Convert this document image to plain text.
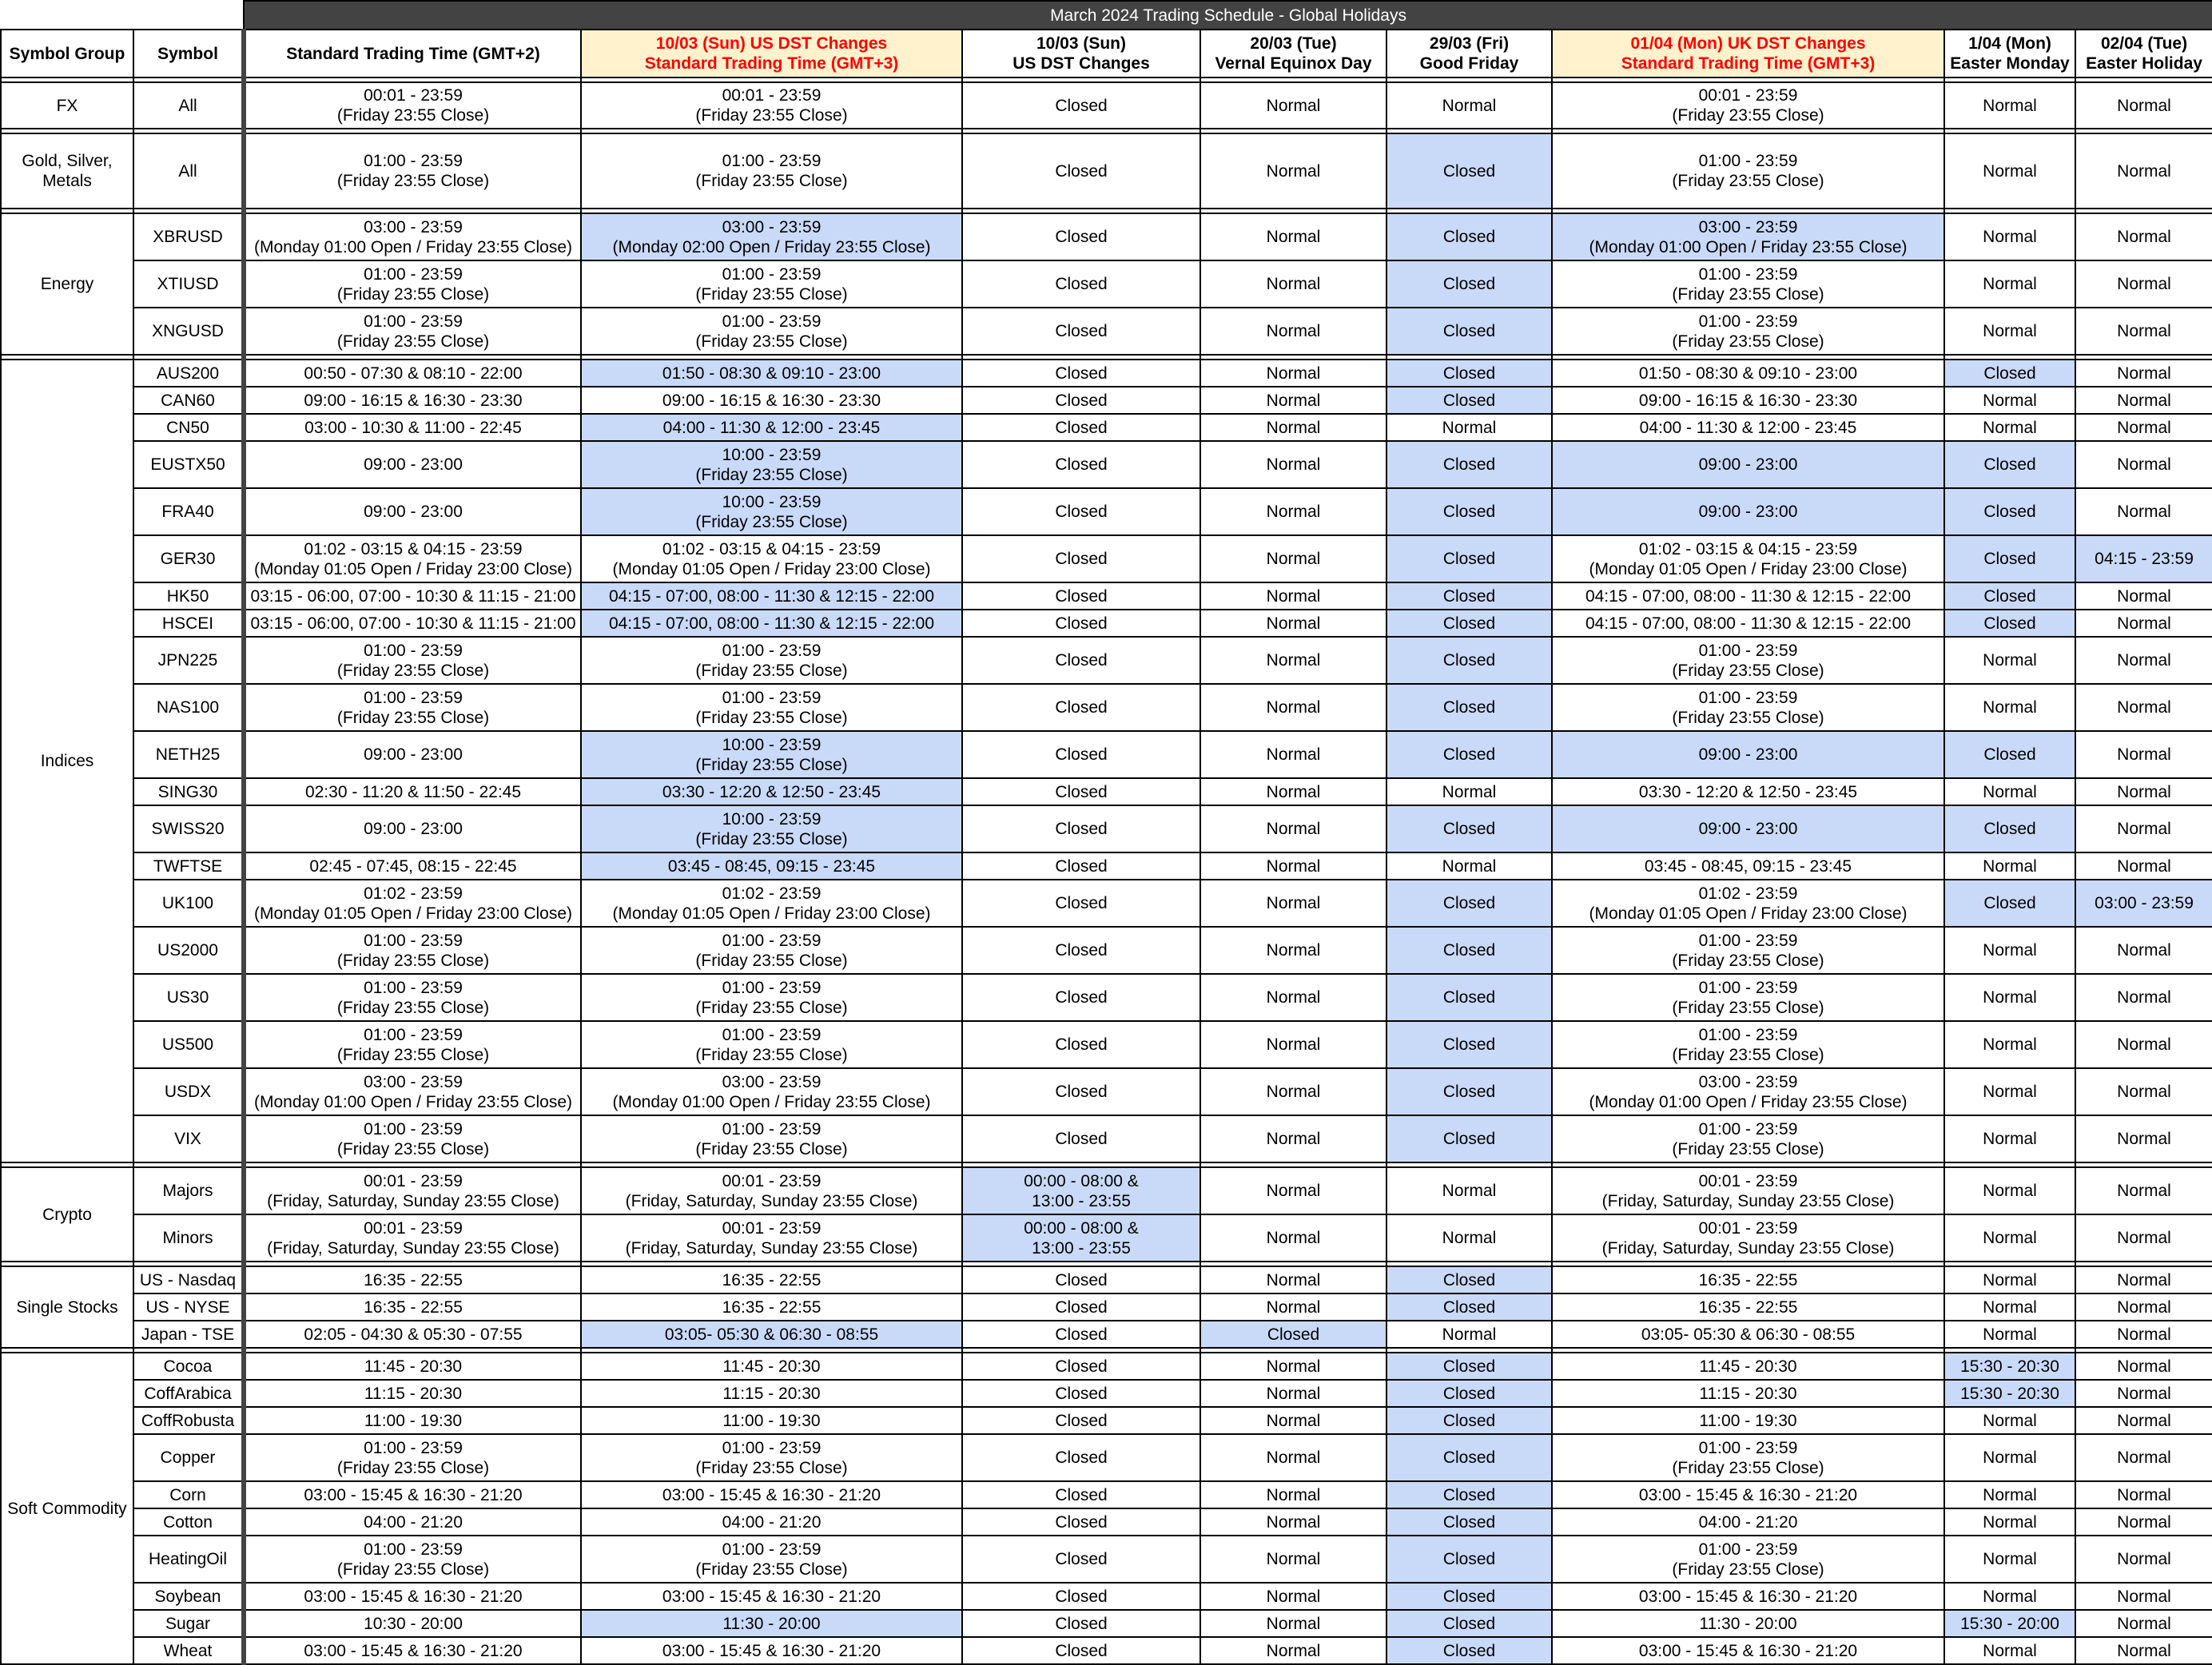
		March 2024 Trading Schedule - Global Holidays							
Symbol Group	Symbol	Standard Trading Time (GMT+2)	10/03 (Sun) US DST Changes
Standard Trading Time (GMT+3)	10/03 (Sun)
US DST Changes	20/03 (Tue)
Vernal Equinox Day	29/03 (Fri)
Good Friday	01/04 (Mon) UK DST Changes
Standard Trading Time (GMT+3)	1/04 (Mon)
Easter Monday	02/04 (Tue)
Easter Holiday

FX	All	00:01 - 23:59
(Friday 23:55 Close)	00:01 - 23:59
(Friday 23:55 Close)	Closed	Normal	Normal	00:01 - 23:59
(Friday 23:55 Close)	Normal	Normal

Gold, Silver,
Metals	All	01:00 - 23:59
(Friday 23:55 Close)	01:00 - 23:59
(Friday 23:55 Close)	Closed	Normal	Closed	01:00 - 23:59
(Friday 23:55 Close)	Normal	Normal

Energy	XBRUSD	03:00 - 23:59
(Monday 01:00 Open / Friday 23:55 Close)	03:00 - 23:59
(Monday 02:00 Open / Friday 23:55 Close)	Closed	Normal	Closed	03:00 - 23:59
(Monday 01:00 Open / Friday 23:55 Close)	Normal	Normal
	XTIUSD	01:00 - 23:59
(Friday 23:55 Close)	01:00 - 23:59
(Friday 23:55 Close)	Closed	Normal	Closed	01:00 - 23:59
(Friday 23:55 Close)	Normal	Normal
	XNGUSD	01:00 - 23:59
(Friday 23:55 Close)	01:00 - 23:59
(Friday 23:55 Close)	Closed	Normal	Closed	01:00 - 23:59
(Friday 23:55 Close)	Normal	Normal

Indices	AUS200	00:50 - 07:30 & 08:10 - 22:00	01:50 - 08:30 & 09:10 - 23:00	Closed	Normal	Closed	01:50 - 08:30 & 09:10 - 23:00	Closed	Normal
	CAN60	09:00 - 16:15 & 16:30 - 23:30	09:00 - 16:15 & 16:30 - 23:30	Closed	Normal	Closed	09:00 - 16:15 & 16:30 - 23:30	Normal	Normal
	CN50	03:00 - 10:30 & 11:00 - 22:45	04:00 - 11:30 & 12:00 - 23:45	Closed	Normal	Normal	04:00 - 11:30 & 12:00 - 23:45	Normal	Normal
	EUSTX50	09:00 - 23:00	10:00 - 23:59
(Friday 23:55 Close)	Closed	Normal	Closed	09:00 - 23:00	Closed	Normal
	FRA40	09:00 - 23:00	10:00 - 23:59
(Friday 23:55 Close)	Closed	Normal	Closed	09:00 - 23:00	Closed	Normal
	GER30	01:02 - 03:15 & 04:15 - 23:59
(Monday 01:05 Open / Friday 23:00 Close)	01:02 - 03:15 & 04:15 - 23:59
(Monday 01:05 Open / Friday 23:00 Close)	Closed	Normal	Closed	01:02 - 03:15 & 04:15 - 23:59
(Monday 01:05 Open / Friday 23:00 Close)	Closed	04:15 - 23:59
	HK50	03:15 - 06:00, 07:00 - 10:30 & 11:15 - 21:00	04:15 - 07:00, 08:00 - 11:30 & 12:15 - 22:00	Closed	Normal	Closed	04:15 - 07:00, 08:00 - 11:30 & 12:15 - 22:00	Closed	Normal
	HSCEI	03:15 - 06:00, 07:00 - 10:30 & 11:15 - 21:00	04:15 - 07:00, 08:00 - 11:30 & 12:15 - 22:00	Closed	Normal	Closed	04:15 - 07:00, 08:00 - 11:30 & 12:15 - 22:00	Closed	Normal
	JPN225	01:00 - 23:59
(Friday 23:55 Close)	01:00 - 23:59
(Friday 23:55 Close)	Closed	Normal	Closed	01:00 - 23:59
(Friday 23:55 Close)	Normal	Normal
	NAS100	01:00 - 23:59
(Friday 23:55 Close)	01:00 - 23:59
(Friday 23:55 Close)	Closed	Normal	Closed	01:00 - 23:59
(Friday 23:55 Close)	Normal	Normal
	NETH25	09:00 - 23:00	10:00 - 23:59
(Friday 23:55 Close)	Closed	Normal	Closed	09:00 - 23:00	Closed	Normal
	SING30	02:30 - 11:20 & 11:50 - 22:45	03:30 - 12:20 & 12:50 - 23:45	Closed	Normal	Normal	03:30 - 12:20 & 12:50 - 23:45	Normal	Normal
	SWISS20	09:00 - 23:00	10:00 - 23:59
(Friday 23:55 Close)	Closed	Normal	Closed	09:00 - 23:00	Closed	Normal
	TWFTSE	02:45 - 07:45, 08:15 - 22:45	03:45 - 08:45, 09:15 - 23:45	Closed	Normal	Normal	03:45 - 08:45, 09:15 - 23:45	Normal	Normal
	UK100	01:02 - 23:59
(Monday 01:05 Open / Friday 23:00 Close)	01:02 - 23:59
(Monday 01:05 Open / Friday 23:00 Close)	Closed	Normal	Closed	01:02 - 23:59
(Monday 01:05 Open / Friday 23:00 Close)	Closed	03:00 - 23:59
	US2000	01:00 - 23:59
(Friday 23:55 Close)	01:00 - 23:59
(Friday 23:55 Close)	Closed	Normal	Closed	01:00 - 23:59
(Friday 23:55 Close)	Normal	Normal
	US30	01:00 - 23:59
(Friday 23:55 Close)	01:00 - 23:59
(Friday 23:55 Close)	Closed	Normal	Closed	01:00 - 23:59
(Friday 23:55 Close)	Normal	Normal
	US500	01:00 - 23:59
(Friday 23:55 Close)	01:00 - 23:59
(Friday 23:55 Close)	Closed	Normal	Closed	01:00 - 23:59
(Friday 23:55 Close)	Normal	Normal
	USDX	03:00 - 23:59
(Monday 01:00 Open / Friday 23:55 Close)	03:00 - 23:59
(Monday 01:00 Open / Friday 23:55 Close)	Closed	Normal	Closed	03:00 - 23:59
(Monday 01:00 Open / Friday 23:55 Close)	Normal	Normal
	VIX	01:00 - 23:59
(Friday 23:55 Close)	01:00 - 23:59
(Friday 23:55 Close)	Closed	Normal	Closed	01:00 - 23:59
(Friday 23:55 Close)	Normal	Normal

Crypto	Majors	00:01 - 23:59
(Friday, Saturday, Sunday 23:55 Close)	00:01 - 23:59
(Friday, Saturday, Sunday 23:55 Close)	00:00 - 08:00 &
13:00 - 23:55	Normal	Normal	00:01 - 23:59
(Friday, Saturday, Sunday 23:55 Close)	Normal	Normal
	Minors	00:01 - 23:59
(Friday, Saturday, Sunday 23:55 Close)	00:01 - 23:59
(Friday, Saturday, Sunday 23:55 Close)	00:00 - 08:00 &
13:00 - 23:55	Normal	Normal	00:01 - 23:59
(Friday, Saturday, Sunday 23:55 Close)	Normal	Normal

Single Stocks	US - Nasdaq	16:35 - 22:55	16:35 - 22:55	Closed	Normal	Closed	16:35 - 22:55	Normal	Normal
	US - NYSE	16:35 - 22:55	16:35 - 22:55	Closed	Normal	Closed	16:35 - 22:55	Normal	Normal
	Japan - TSE	02:05 - 04:30 & 05:30 - 07:55	03:05- 05:30 & 06:30 - 08:55	Closed	Closed	Normal	03:05- 05:30 & 06:30 - 08:55	Normal	Normal

Soft Commodity	Cocoa	11:45 - 20:30	11:45 - 20:30	Closed	Normal	Closed	11:45 - 20:30	15:30 - 20:30	Normal
	CoffArabica	11:15 - 20:30	11:15 - 20:30	Closed	Normal	Closed	11:15 - 20:30	15:30 - 20:30	Normal
	CoffRobusta	11:00 - 19:30	11:00 - 19:30	Closed	Normal	Closed	11:00 - 19:30	Normal	Normal
	Copper	01:00 - 23:59
(Friday 23:55 Close)	01:00 - 23:59
(Friday 23:55 Close)	Closed	Normal	Closed	01:00 - 23:59
(Friday 23:55 Close)	Normal	Normal
	Corn	03:00 - 15:45 & 16:30 - 21:20	03:00 - 15:45 & 16:30 - 21:20	Closed	Normal	Closed	03:00 - 15:45 & 16:30 - 21:20	Normal	Normal
	Cotton	04:00 - 21:20	04:00 - 21:20	Closed	Normal	Closed	04:00 - 21:20	Normal	Normal
	HeatingOil	01:00 - 23:59
(Friday 23:55 Close)	01:00 - 23:59
(Friday 23:55 Close)	Closed	Normal	Closed	01:00 - 23:59
(Friday 23:55 Close)	Normal	Normal
	Soybean	03:00 - 15:45 & 16:30 - 21:20	03:00 - 15:45 & 16:30 - 21:20	Closed	Normal	Closed	03:00 - 15:45 & 16:30 - 21:20	Normal	Normal
	Sugar	10:30 - 20:00	11:30 - 20:00	Closed	Normal	Closed	11:30 - 20:00	15:30 - 20:00	Normal
	Wheat	03:00 - 15:45 & 16:30 - 21:20	03:00 - 15:45 & 16:30 - 21:20	Closed	Normal	Closed	03:00 - 15:45 & 16:30 - 21:20	Normal	Normal
